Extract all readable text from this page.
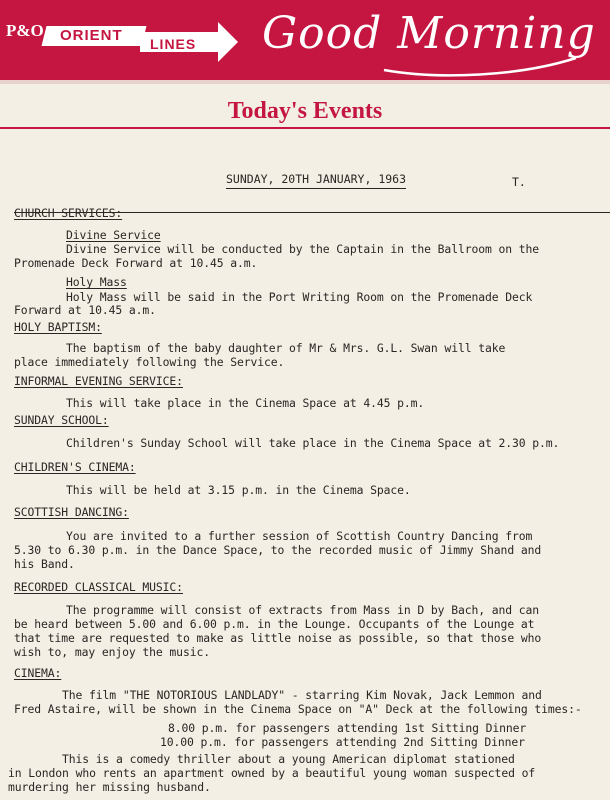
P&O ORIENT LINES Good Morning
Today's Events
SUNDAY, 20TH JANUARY, 1963	T.
CHURCH SERVICES:
Divine Service
Divine Service will be conducted by the Captain in the Ballroom on the
Promenade Deck Forward at 10.45 a.m.
Holy Mass
Holy Mass will be said in the Port Writing Room on the Promenade Deck
Forward at 10.45 a.m.
HOLY BAPTISM:
The baptism of the baby daughter of Mr & Mrs. G.L. Swan will take
place immediately following the Service.
INFORMAL EVENING SERVICE:
This will take place in the Cinema Space at 4.45 p.m.
SUNDAY SCHOOL:
Children's Sunday School will take place in the Cinema Space at 2.30 p.m.
CHILDREN'S CINEMA:
This will be held at 3.15 p.m. in the Cinema Space.
SCOTTISH DANCING:
You are invited to a further session of Scottish Country Dancing from
5.30 to 6.30 p.m. in the Dance Space, to the recorded music of Jimmy Shand and
his Band.
RECORDED CLASSICAL MUSIC:
The programme will consist of extracts from Mass in D by Bach, and can
be heard between 5.00 and 6.00 p.m. in the Lounge. Occupants of the Lounge at
that time are requested to make as little noise as possible, so that those who
wish to, may enjoy the music.
CINEMA:
The film "THE NOTORIOUS LANDLADY" - starring Kim Novak, Jack Lemmon and
Fred Astaire, will be shown in the Cinema Space on "A" Deck at the following times:-
8.00 p.m. for passengers attending 1st Sitting Dinner
10.00 p.m. for passengers attending 2nd Sitting Dinner
This is a comedy thriller about a young American diplomat stationed
in London who rents an apartment owned by a beautiful young woman suspected of
murdering her missing husband.
